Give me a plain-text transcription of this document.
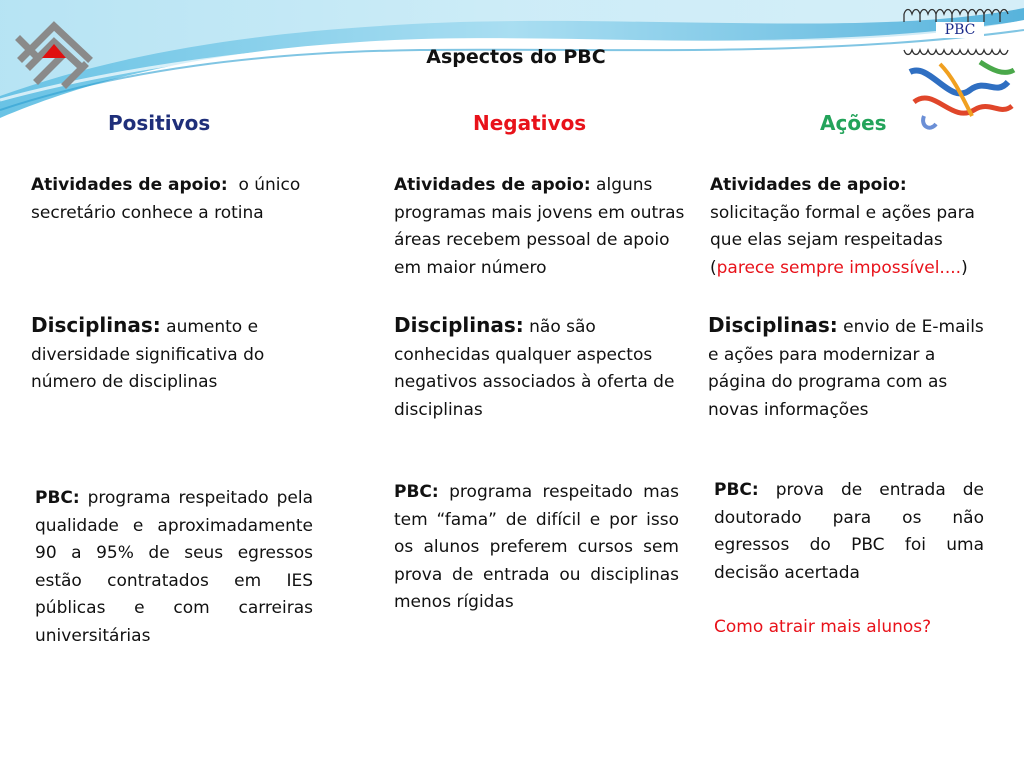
PBC
Aspectos do PBC
Positivos	Negativos	Ações
Atividades de apoio: o único secretário conhece a rotina
Atividades de apoio: alguns programas mais jovens em outras áreas recebem pessoal de apoio em maior número
Atividades de apoio:
solicitação formal e ações para que elas sejam respeitadas (parece sempre impossível....)
Disciplinas: aumento e diversidade significativa do número de disciplinas
Disciplinas: não são conhecidas qualquer aspectos negativos associados à oferta de disciplinas
Disciplinas: envio de E-mails e ações para modernizar a página do programa com as novas informações
PBC: programa respeitado pela qualidade e aproximadamente 90 a 95% de seus egressos estão contratados em IES públicas e com carreiras universitárias
PBC: programa respeitado mas tem “fama” de difícil e por isso os alunos preferem cursos sem prova de entrada ou disciplinas menos rígidas
PBC: prova de entrada de doutorado para os não egressos do PBC foi uma decisão acertada
Como atrair mais alunos?
